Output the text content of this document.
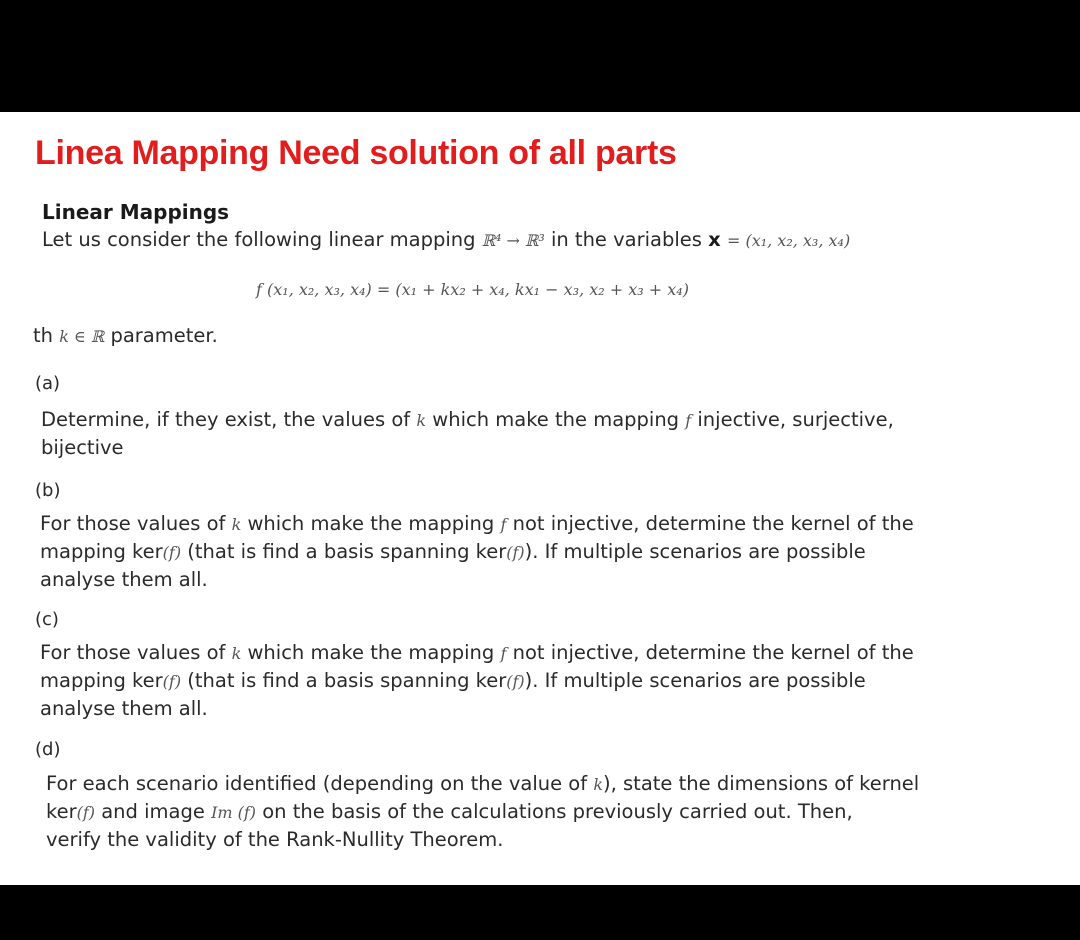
Linea Mapping Need solution of all parts
Linear Mappings
Let us consider the following linear mapping ℝ⁴ → ℝ³ in the variables x = (x₁, x₂, x₃, x₄)
f (x₁, x₂, x₃, x₄) = (x₁ + kx₂ + x₄, kx₁ − x₃, x₂ + x₃ + x₄)
th k ∈ ℝ parameter.
(a)
Determine, if they exist, the values of k which make the mapping f injective, surjective,
bijective
(b)
For those values of k which make the mapping f not injective, determine the kernel of the
mapping ker(f) (that is find a basis spanning ker(f)). If multiple scenarios are possible
analyse them all.
(c)
For those values of k which make the mapping f not injective, determine the kernel of the
mapping ker(f) (that is find a basis spanning ker(f)). If multiple scenarios are possible
analyse them all.
(d)
For each scenario identified (depending on the value of k), state the dimensions of kernel
ker(f) and image Im (f) on the basis of the calculations previously carried out. Then,
verify the validity of the Rank-Nullity Theorem.
